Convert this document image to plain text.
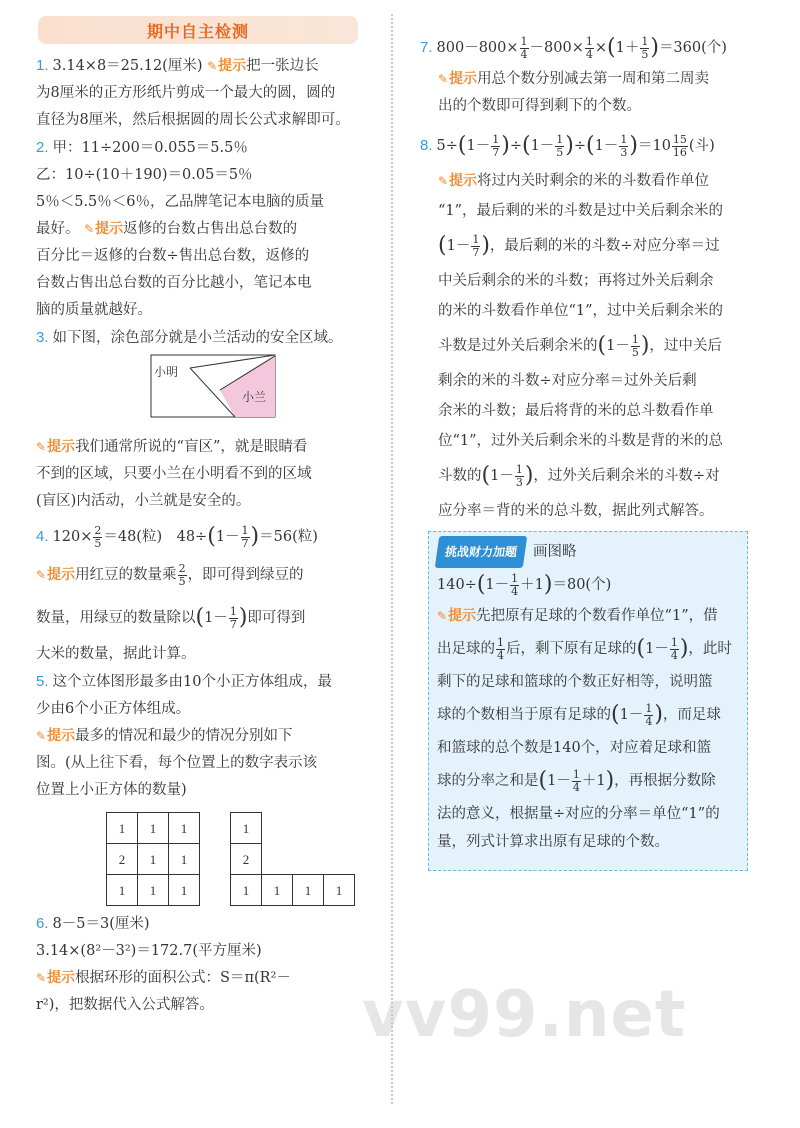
期中自主检测
1. 3.14×8＝25.12(厘米) ✎提示把一张边长
为8厘米的正方形纸片剪成一个最大的圆，圆的
直径为8厘米，然后根据圆的周长公式求解即可。
2. 甲：11÷200＝0.055＝5.5％
乙：10÷(10＋190)＝0.05＝5％
5％＜5.5％＜6％，乙品牌笔记本电脑的质量
最好。 ✎提示返修的台数占售出总台数的
百分比＝返修的台数÷售出总台数，返修的
台数占售出总台数的百分比越小，笔记本电
脑的质量就越好。
3. 如下图，涂色部分就是小兰活动的安全区域。
小明
小兰
✎提示我们通常所说的“盲区”，就是眼睛看
不到的区域，只要小兰在小明看不到的区域
(盲区)内活动，小兰就是安全的。
4. $120\times \frac{2}{5} =48$(粒)　$48\div(1- \frac{1}{7} )=56$(粒)
✎提示用红豆的数量乘 $\frac{2}{5}$ ，即可得到绿豆的
数量，用绿豆的数量除以($1- \frac{1}{7}$ )即可得到
大米的数量，据此计算。
5. 这个立体图形最多由10个小正方体组成，最
少由6个小正方体组成。
✎提示最多的情况和最少的情况分别如下
图。(从上往下看，每个位置上的数字表示该
位置上小正方体的数量)
1	1	1
2	1	1
1	1	1
1			
2			
1	1	1	1
6. 8－5＝3(厘米)
3.14×(8²－3²)＝172.7(平方厘米)
✎提示根据环形的面积公式：S＝π(R²－
r²)，把数据代入公式解答。
7. $800-800\times \frac{1}{4} -800\times \frac{1}{4} \times(1+ \frac{1}{5} )=360$(个)
✎提示用总个数分别减去第一周和第二周卖
出的个数即可得到剩下的个数。
8. $5\div(1- \frac{1}{7} )\div(1- \frac{1}{5} )\div(1- \frac{1}{3} )=10 \frac{15}{16}$ (斗)
✎提示将过内关时剩余的米的斗数看作单位
“1”，最后剩的米的斗数是过中关后剩余米的
($1- \frac{1}{7}$ )，最后剩的米的斗数÷对应分率＝过
中关后剩余的米的斗数；再将过外关后剩余
的米的斗数看作单位“1”，过中关后剩余米的
斗数是过外关后剩余米的($1- \frac{1}{5}$ )，过中关后
剩余的米的斗数÷对应分率＝过外关后剩
余米的斗数；最后将背的米的总斗数看作单
位“1”，过外关后剩余米的斗数是背的米的总
斗数的($1- \frac{1}{3}$ )，过外关后剩余米的斗数÷对
应分率＝背的米的总斗数，据此列式解答。
挑战财力加题 画图略
$140\div(1- \frac{1}{4} +1)=80$(个)
✎提示先把原有足球的个数看作单位“1”，借
出足球的 $\frac{1}{4}$ 后，剩下原有足球的($1- \frac{1}{4}$ )，此时
剩下的足球和篮球的个数正好相等，说明篮
球的个数相当于原有足球的($1- \frac{1}{4}$ )，而足球
和篮球的总个数是140个，对应着足球和篮
球的分率之和是$(1- \frac{1}{4} +1)$，再根据分数除
法的意义，根据量÷对应的分率＝单位“1”的
量，列式计算求出原有足球的个数。
vv99.net
